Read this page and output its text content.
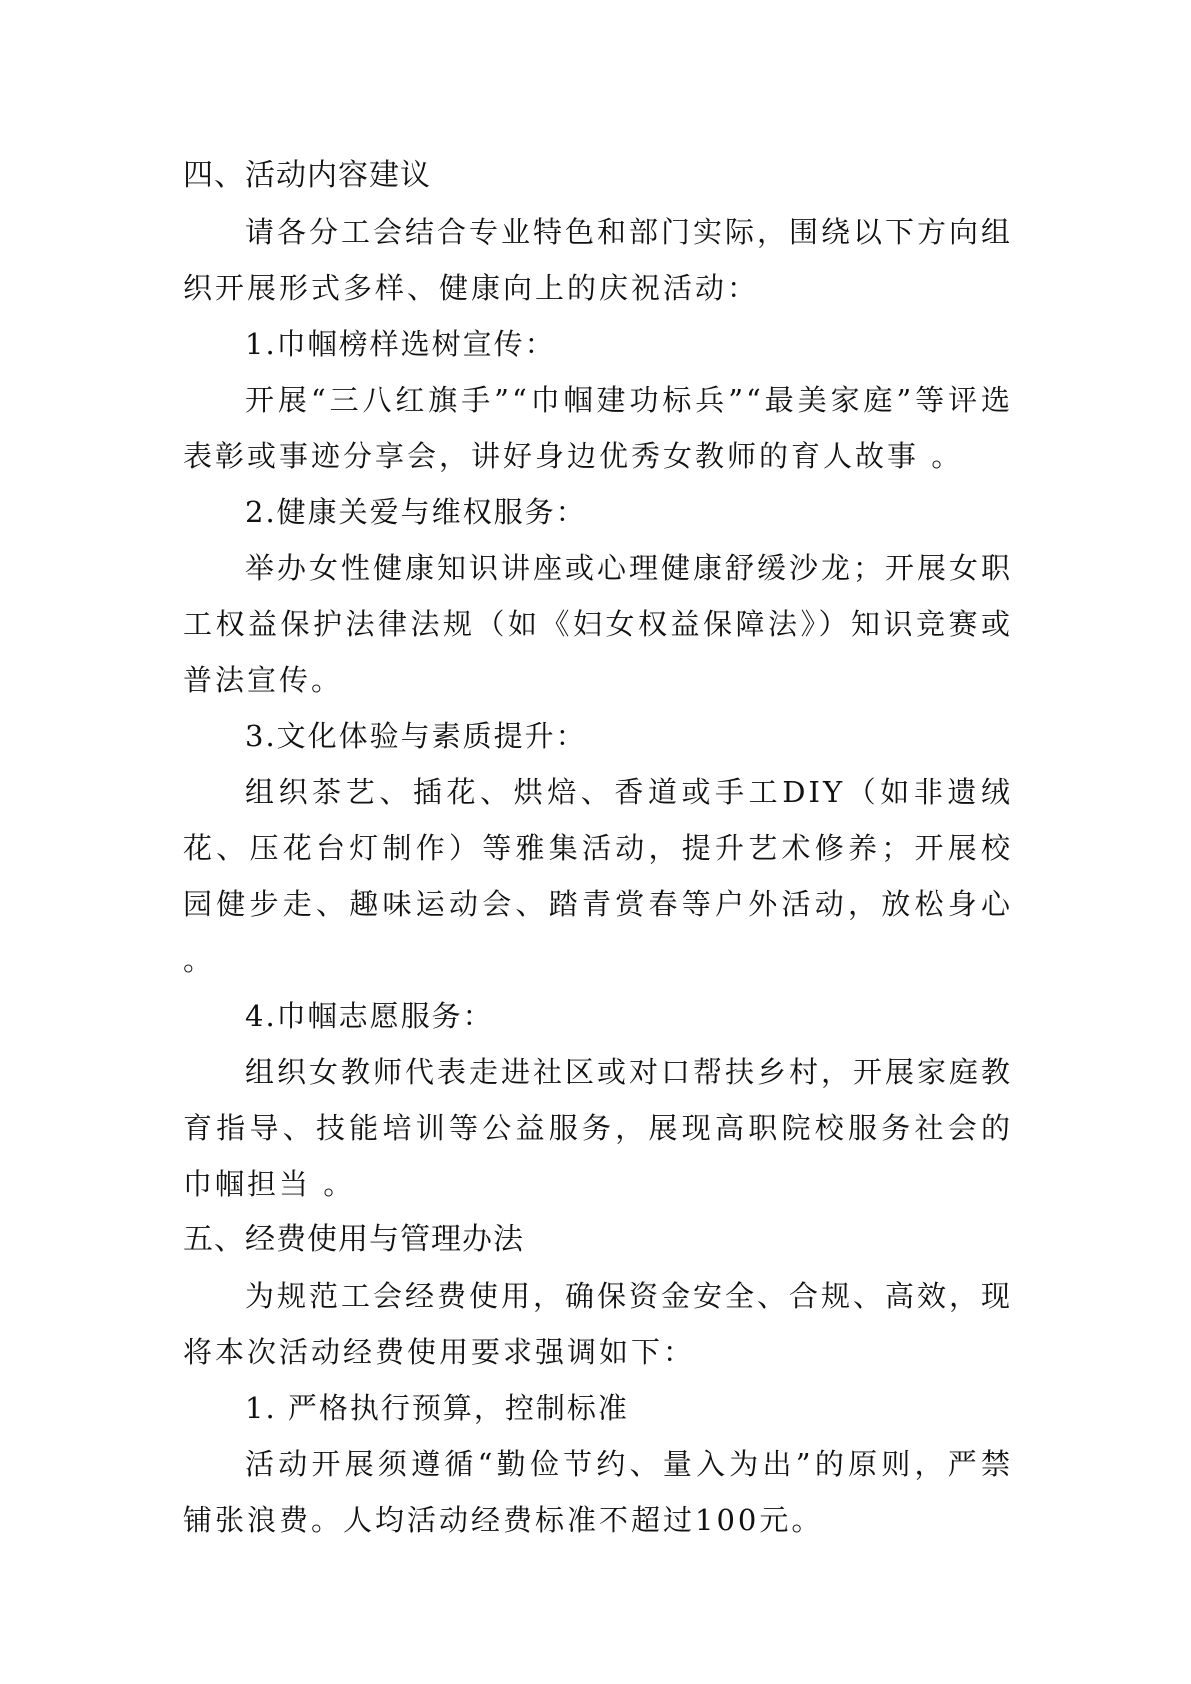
四、活动内容建议

请各分工会结合专业特色和部门实际，围绕以下方向组织开展形式多样、健康向上的庆祝活动：

1.巾帼榜样选树宣传：

开展“三八红旗手”“巾帼建功标兵”“最美家庭”等评选表彰或事迹分享会，讲好身边优秀女教师的育人故事 。

2.健康关爱与维权服务：

举办女性健康知识讲座或心理健康舒缓沙龙；开展女职工权益保护法律法规（如《妇女权益保障法》）知识竞赛或普法宣传。

3.文化体验与素质提升：

组织茶艺、插花、烘焙、香道或手工DIY（如非遗绒花、压花台灯制作）等雅集活动，提升艺术修养；开展校园健步走、趣味运动会、踏青赏春等户外活动，放松身心 。

4.巾帼志愿服务：

组织女教师代表走进社区或对口帮扶乡村，开展家庭教育指导、技能培训等公益服务，展现高职院校服务社会的巾帼担当 。

五、经费使用与管理办法

为规范工会经费使用，确保资金安全、合规、高效，现将本次活动经费使用要求强调如下：

1. 严格执行预算，控制标准

活动开展须遵循“勤俭节约、量入为出”的原则，严禁铺张浪费。人均活动经费标准不超过100元。
